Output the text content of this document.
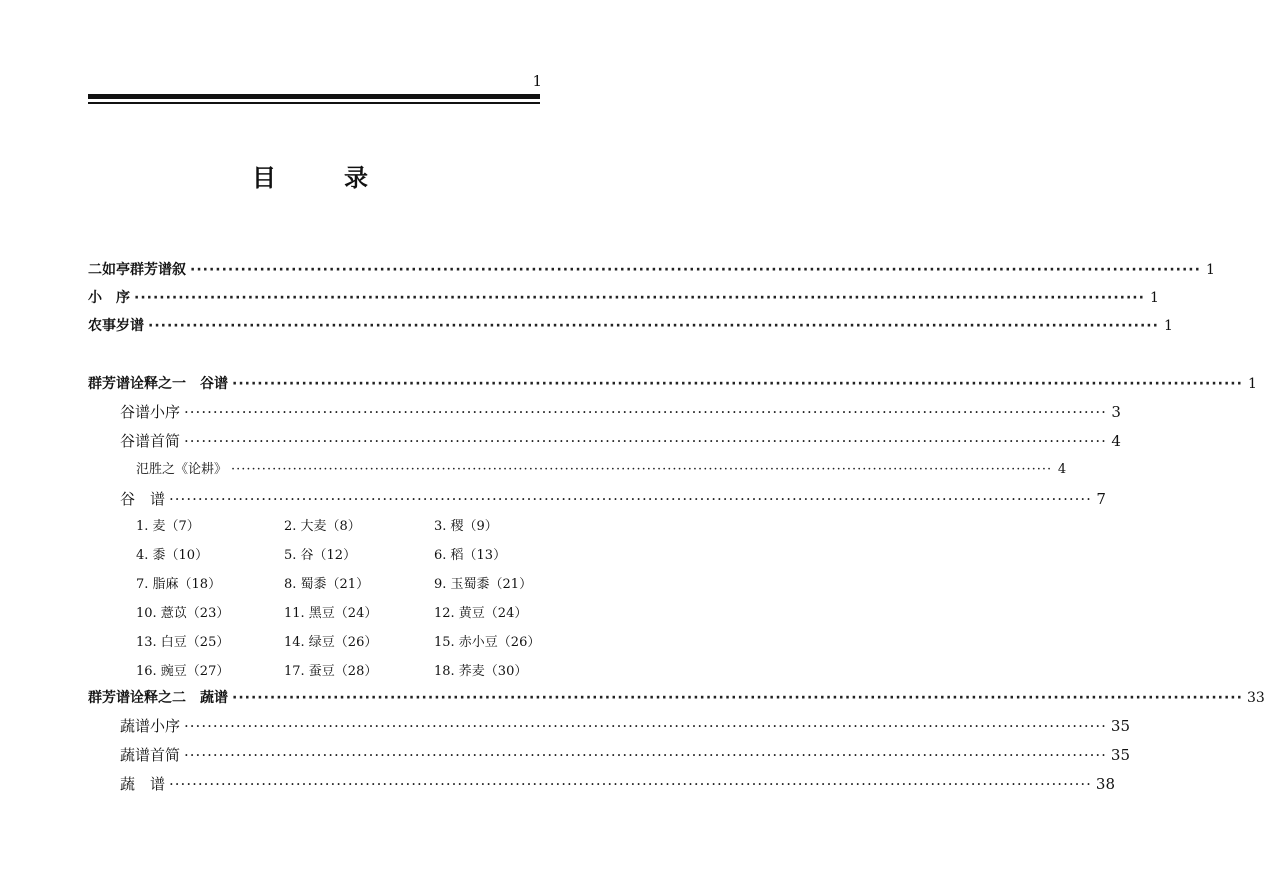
1
目　录
二如亭群芳谱叙 ································································································································································ 1
小　序 ································································································································································ 1
农事岁谱 ································································································································································ 1
群芳谱诠释之一　谷谱 ································································································································································ 1
谷谱小序 ································································································································································ 3
谷谱首简 ································································································································································ 4
氾胜之《论耕》 ································································································································································ 4
谷　谱 ································································································································································ 7
1. 麦（7）	2. 大麦（8）	3. 稷（9）
4. 黍（10）	5. 谷（12）	6. 稻（13）
7. 脂麻（18）	8. 蜀黍（21）	9. 玉蜀黍（21）
10. 薏苡（23）	11. 黑豆（24）	12. 黄豆（24）
13. 白豆（25）	14. 绿豆（26）	15. 赤小豆（26）
16. 豌豆（27）	17. 蚕豆（28）	18. 荞麦（30）
群芳谱诠释之二　蔬谱 ································································································································································ 33
蔬谱小序 ································································································································································ 35
蔬谱首简 ································································································································································ 35
蔬　谱 ································································································································································ 38
